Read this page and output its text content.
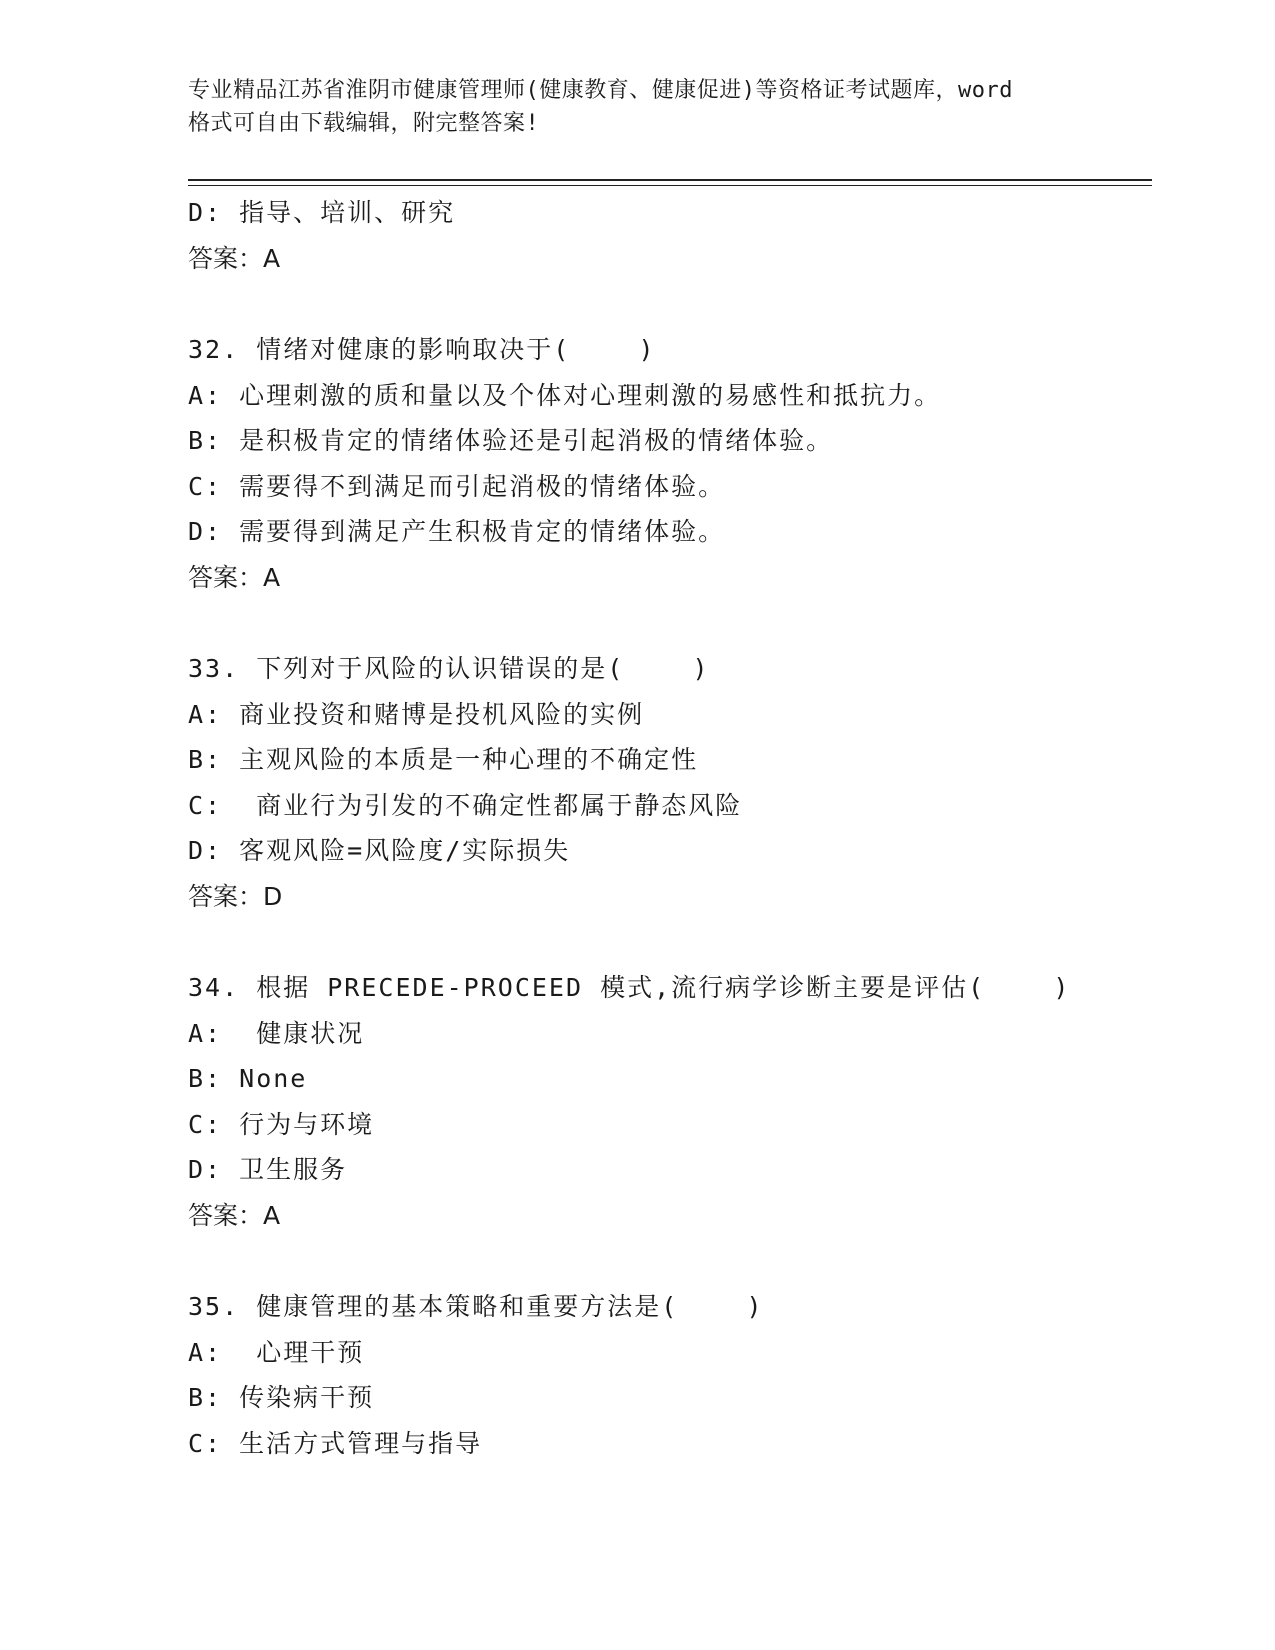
专业精品江苏省淮阴市健康管理师(健康教育、健康促进)等资格证考试题库，word
格式可自由下载编辑，附完整答案!
D: 指导、培训、研究
答案：A
32. 情绪对健康的影响取决于(    )
A: 心理刺激的质和量以及个体对心理刺激的易感性和抵抗力。
B: 是积极肯定的情绪体验还是引起消极的情绪体验。
C: 需要得不到满足而引起消极的情绪体验。
D: 需要得到满足产生积极肯定的情绪体验。
答案：A
33. 下列对于风险的认识错误的是(    )
A: 商业投资和赌博是投机风险的实例
B: 主观风险的本质是一种心理的不确定性
C:  商业行为引发的不确定性都属于静态风险
D: 客观风险=风险度/实际损失
答案：D
34. 根据 PRECEDE-PROCEED 模式,流行病学诊断主要是评估(    )
A:  健康状况
B: None
C: 行为与环境
D: 卫生服务
答案：A
35. 健康管理的基本策略和重要方法是(    )
A:  心理干预
B: 传染病干预
C: 生活方式管理与指导
